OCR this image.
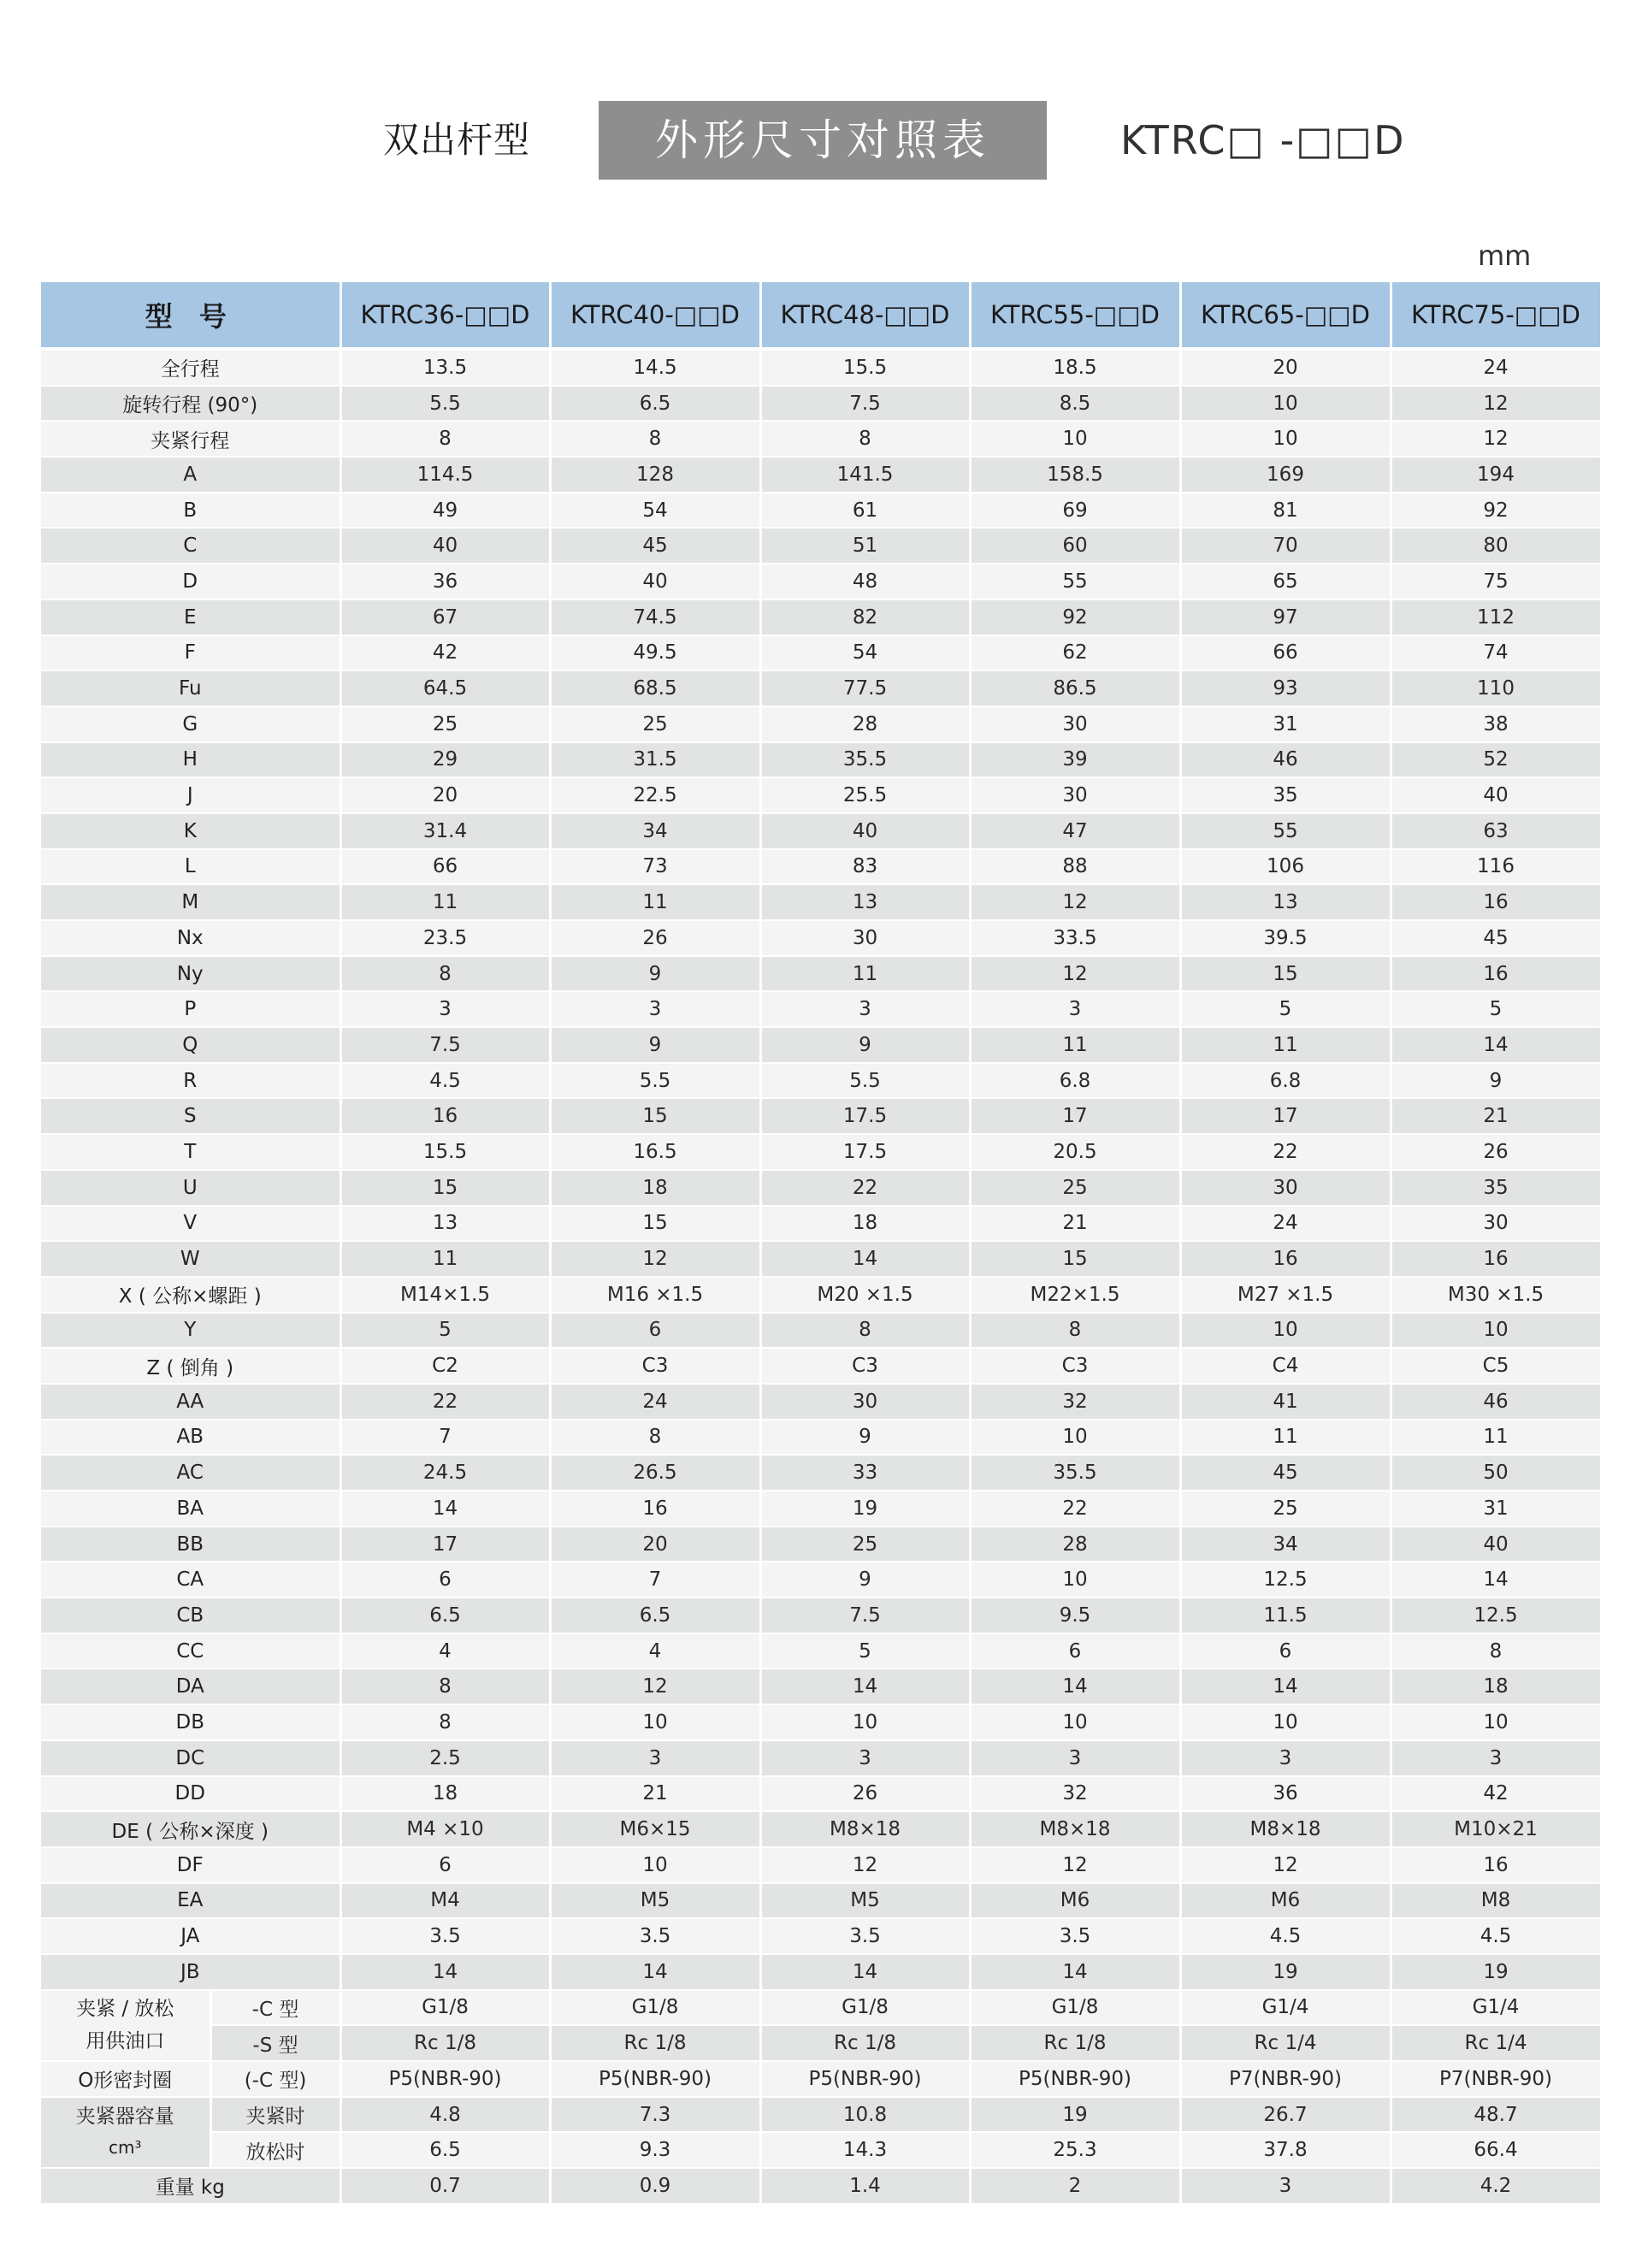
双出杆型	外形尺寸对照表	KTRC□ -□□D
mm
型 号		KTRC36-□□D	KTRC40-□□D	KTRC48-□□D	KTRC55-□□D	KTRC65-□□D	KTRC75-□□D
全行程		13.5	14.5	15.5	18.5	20	24
旋转行程 (90°)		5.5	6.5	7.5	8.5	10	12
夹紧行程		8	8	8	10	10	12
A		114.5	128	141.5	158.5	169	194
B		49	54	61	69	81	92
C		40	45	51	60	70	80
D		36	40	48	55	65	75
E		67	74.5	82	92	97	112
F		42	49.5	54	62	66	74
Fu		64.5	68.5	77.5	86.5	93	110
G		25	25	28	30	31	38
H		29	31.5	35.5	39	46	52
J		20	22.5	25.5	30	35	40
K		31.4	34	40	47	55	63
L		66	73	83	88	106	116
M		11	11	13	12	13	16
Nx		23.5	26	30	33.5	39.5	45
Ny		8	9	11	12	15	16
P		3	3	3	3	5	5
Q		7.5	9	9	11	11	14
R		4.5	5.5	5.5	6.8	6.8	9
S		16	15	17.5	17	17	21
T		15.5	16.5	17.5	20.5	22	26
U		15	18	22	25	30	35
V		13	15	18	21	24	30
W		11	12	14	15	16	16
X ( 公称×螺距 )		M14×1.5	M16 ×1.5	M20 ×1.5	M22×1.5	M27 ×1.5	M30 ×1.5
Y		5	6	8	8	10	10
Z ( 倒角 )		C2	C3	C3	C3	C4	C5
AA		22	24	30	32	41	46
AB		7	8	9	10	11	11
AC		24.5	26.5	33	35.5	45	50
BA		14	16	19	22	25	31
BB		17	20	25	28	34	40
CA		6	7	9	10	12.5	14
CB		6.5	6.5	7.5	9.5	11.5	12.5
CC		4	4	5	6	6	8
DA		8	12	14	14	14	18
DB		8	10	10	10	10	10
DC		2.5	3	3	3	3	3
DD		18	21	26	32	36	42
DE ( 公称×深度 )		M4 ×10	M6×15	M8×18	M8×18	M8×18	M10×21
DF		6	10	12	12	12	16
EA		M4	M5	M5	M6	M6	M8
JA		3.5	3.5	3.5	3.5	4.5	4.5
JB		14	14	14	14	19	19

夹紧 / 放松
用供油口	-C 型	G1/8	G1/8	G1/8	G1/8	G1/4	G1/4
	-S 型	Rc 1/8	Rc 1/8	Rc 1/8	Rc 1/8	Rc 1/4	Rc 1/4
O形密封圈	(-C 型)	P5(NBR-90)	P5(NBR-90)	P5(NBR-90)	P5(NBR-90)	P7(NBR-90)	P7(NBR-90)

夹紧器容量
cm³	夹紧时	4.8	7.3	10.8	19	26.7	48.7
	放松时	6.5	9.3	14.3	25.3	37.8	66.4
重量 kg		0.7	0.9	1.4	2	3	4.2
